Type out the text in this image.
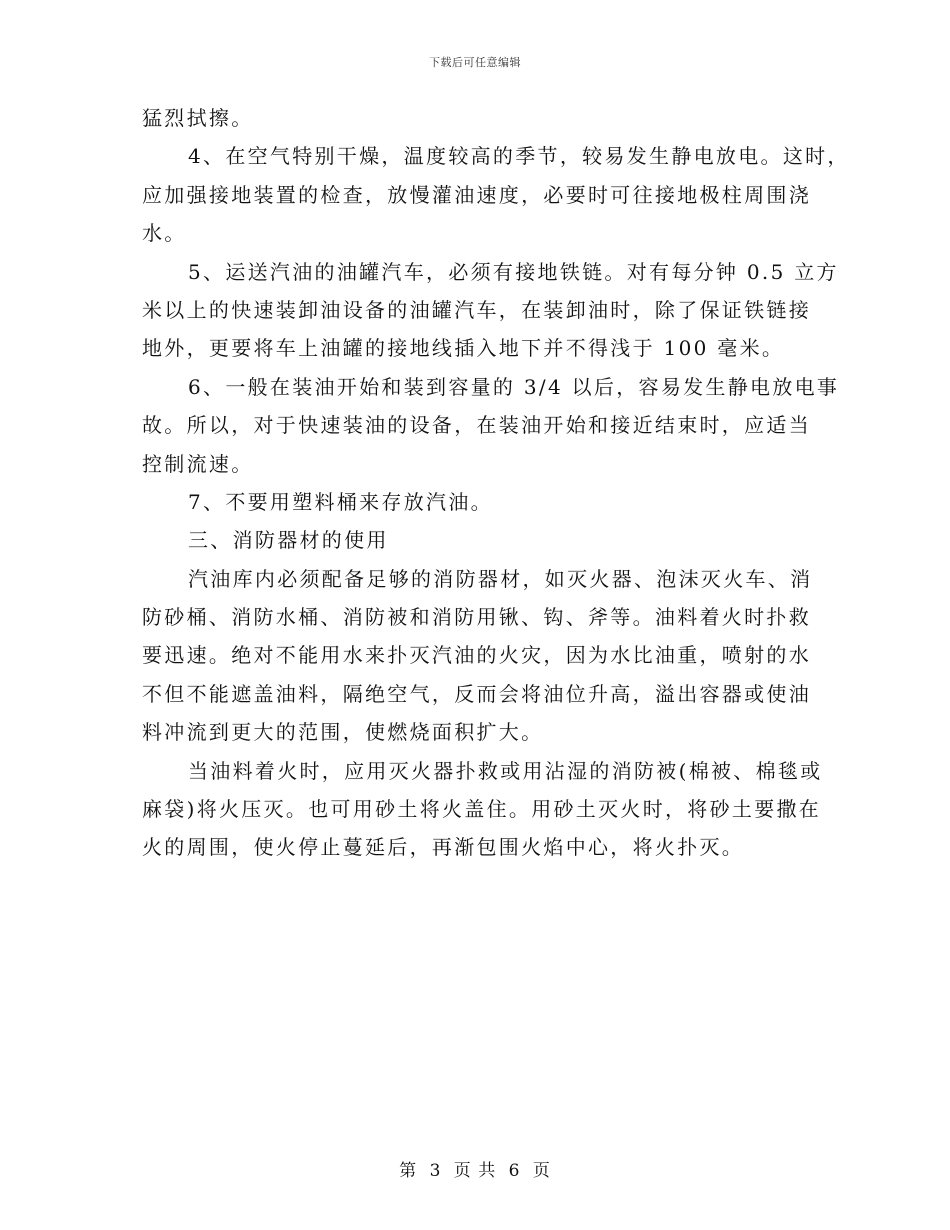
下载后可任意编辑
猛烈拭擦。
4、在空气特别干燥，温度较高的季节，较易发生静电放电。这时，
应加强接地装置的检查，放慢灌油速度，必要时可往接地极柱周围浇
水。
5、运送汽油的油罐汽车，必须有接地铁链。对有每分钟 0.5 立方
米以上的快速装卸油设备的油罐汽车，在装卸油时，除了保证铁链接
地外，更要将车上油罐的接地线插入地下并不得浅于 100 毫米。
6、一般在装油开始和装到容量的 3/4 以后，容易发生静电放电事
故。所以，对于快速装油的设备，在装油开始和接近结束时，应适当
控制流速。
7、不要用塑料桶来存放汽油。
三、消防器材的使用
汽油库内必须配备足够的消防器材，如灭火器、泡沫灭火车、消
防砂桶、消防水桶、消防被和消防用锹、钩、斧等。油料着火时扑救
要迅速。绝对不能用水来扑灭汽油的火灾，因为水比油重，喷射的水
不但不能遮盖油料，隔绝空气，反而会将油位升高，溢出容器或使油
料冲流到更大的范围，使燃烧面积扩大。
当油料着火时，应用灭火器扑救或用沾湿的消防被(棉被、棉毯或
麻袋)将火压灭。也可用砂土将火盖住。用砂土灭火时，将砂土要撒在
火的周围，使火停止蔓延后，再渐包围火焰中心，将火扑灭。
第 3 页 共 6 页
